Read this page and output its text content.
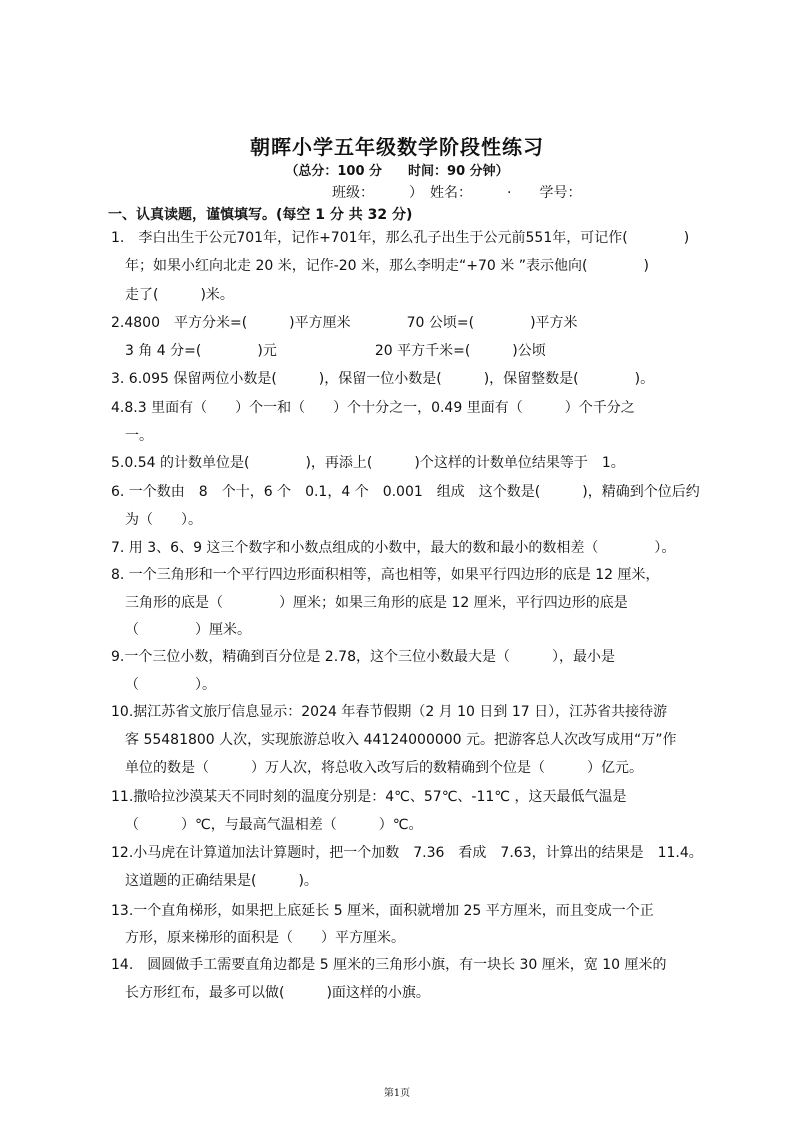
朝晖小学五年级数学阶段性练习
（总分：100 分　　时间：90 分钟）
班级：　　　）　姓名：　　　·　　学号：
一、认真读题，谨慎填写。(每空 1 分 共 32 分)
1.　李白出生于公元701年，记作+701年，那么孔子出生于公元前551年，可记作(　　　　)
年；如果小红向北走 20 米，记作-20 米，那么李明走“+70 米 ”表示他向(　　　　)
走了(　　　)米。
2.4800　平方分米=(　　　)平方厘米　　　　70 公顷=(　　　　)平方米
3 角 4 分=(　　　　)元　　　　　　　20 平方千米=(　　　)公顷
3. 6.095 保留两位小数是(　　　)，保留一位小数是(　　　)，保留整数是(　　　　)。
4.8.3 里面有（　　）个一和（　　）个十分之一，0.49 里面有（　　　）个千分之
一。
5.0.54 的计数单位是(　　　　)，再添上(　　　)个这样的计数单位结果等于　1。
6. 一个数由　8　个十，6 个　0.1，4 个　0.001　组成　这个数是(　　　)，精确到个位后约
为（　　）。
7. 用 3、6、9 这三个数字和小数点组成的小数中，最大的数和最小的数相差（　　　　）。
8. 一个三角形和一个平行四边形面积相等，高也相等，如果平行四边形的底是 12 厘米，
三角形的底是（　　　　）厘米；如果三角形的底是 12 厘米，平行四边形的底是
（　　　　）厘米。
9.一个三位小数，精确到百分位是 2.78，这个三位小数最大是（　　　），最小是
（　　　　）。
10.据江苏省文旅厅信息显示：2024 年春节假期（2 月 10 日到 17 日），江苏省共接待游
客 55481800 人次，实现旅游总收入 44124000000 元。把游客总人次改写成用“万”作
单位的数是（　　　）万人次，将总收入改写后的数精确到个位是（　　　）亿元。
11.撒哈拉沙漠某天不同时刻的温度分别是：4℃、57℃、-11℃ ，这天最低气温是
（　　　）℃，与最高气温相差（　　　）℃。
12.小马虎在计算道加法计算题时，把一个加数　7.36　看成　7.63，计算出的结果是　11.4。
这道题的正确结果是(　　　)。
13.一个直角梯形，如果把上底延长 5 厘米，面积就增加 25 平方厘米，而且变成一个正
方形，原来梯形的面积是（　　）平方厘米。
14.　圆圆做手工需要直角边都是 5 厘米的三角形小旗，有一块长 30 厘米，宽 10 厘米的
长方形红布，最多可以做(　　　)面这样的小旗。
第1页
